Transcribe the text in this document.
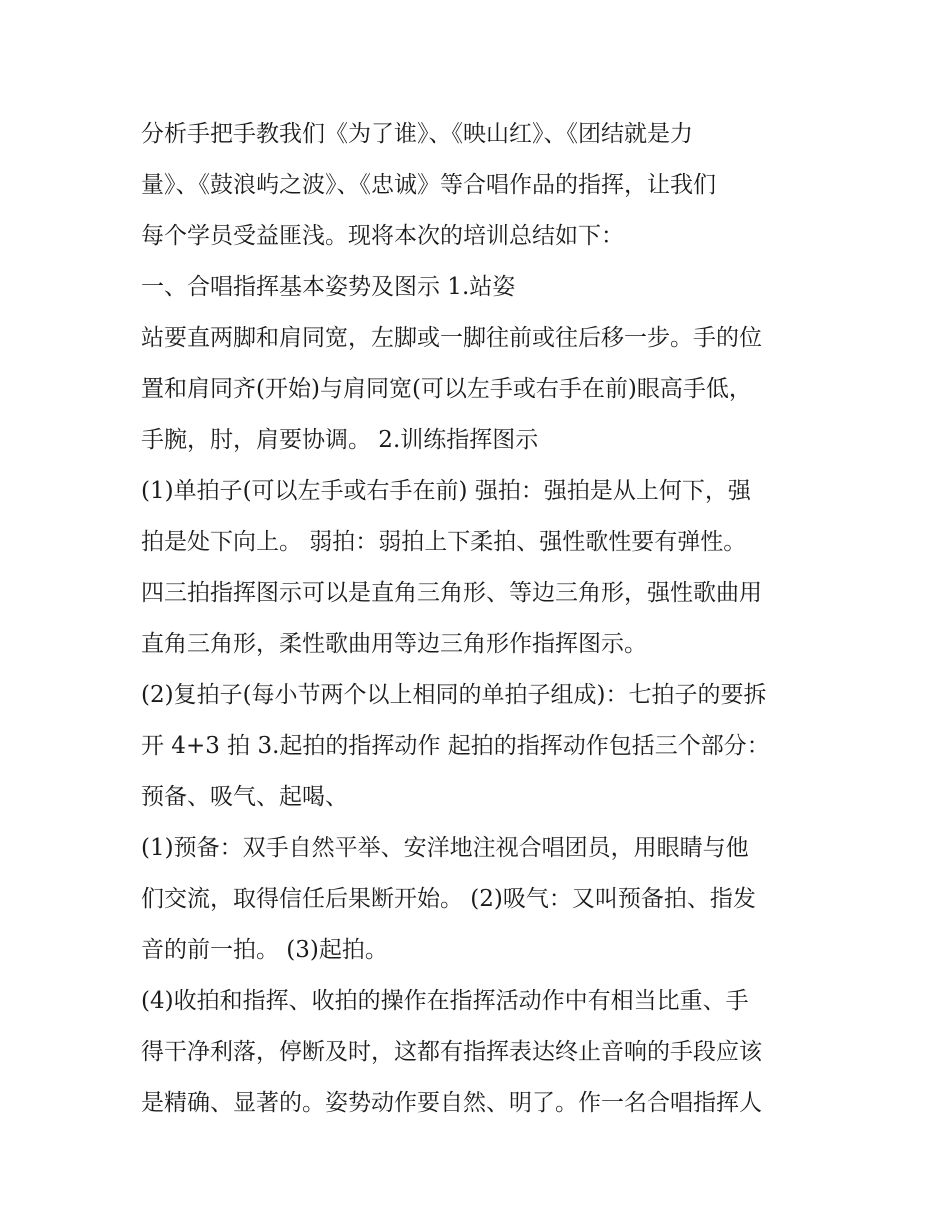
分析手把手教我们《为了谁》、《映山红》、《团结就是力
量》、《鼓浪屿之波》、《忠诚》等合唱作品的指挥，让我们
每个学员受益匪浅。现将本次的培训总结如下：
一、合唱指挥基本姿势及图示 1.站姿
站要直两脚和肩同宽，左脚或一脚往前或往后移一步。手的位
置和肩同齐(开始)与肩同宽(可以左手或右手在前)眼高手低，
手腕，肘，肩要协调。 2.训练指挥图示
(1)单拍子(可以左手或右手在前) 强拍：强拍是从上何下，强
拍是处下向上。 弱拍：弱拍上下柔拍、强性歌性要有弹性。
四三拍指挥图示可以是直角三角形、等边三角形，强性歌曲用
直角三角形，柔性歌曲用等边三角形作指挥图示。
(2)复拍子(每小节两个以上相同的单拍子组成)：七拍子的要拆
开 4+3 拍 3.起拍的指挥动作 起拍的指挥动作包括三个部分：
预备、吸气、起喝、
(1)预备：双手自然平举、安洋地注视合唱团员，用眼睛与他
们交流，取得信任后果断开始。 (2)吸气：又叫预备拍、指发
音的前一拍。 (3)起拍。
(4)收拍和指挥、收拍的操作在指挥活动作中有相当比重、手
得干净利落，停断及时，这都有指挥表达终止音响的手段应该
是精确、显著的。姿势动作要自然、明了。作一名合唱指挥人
